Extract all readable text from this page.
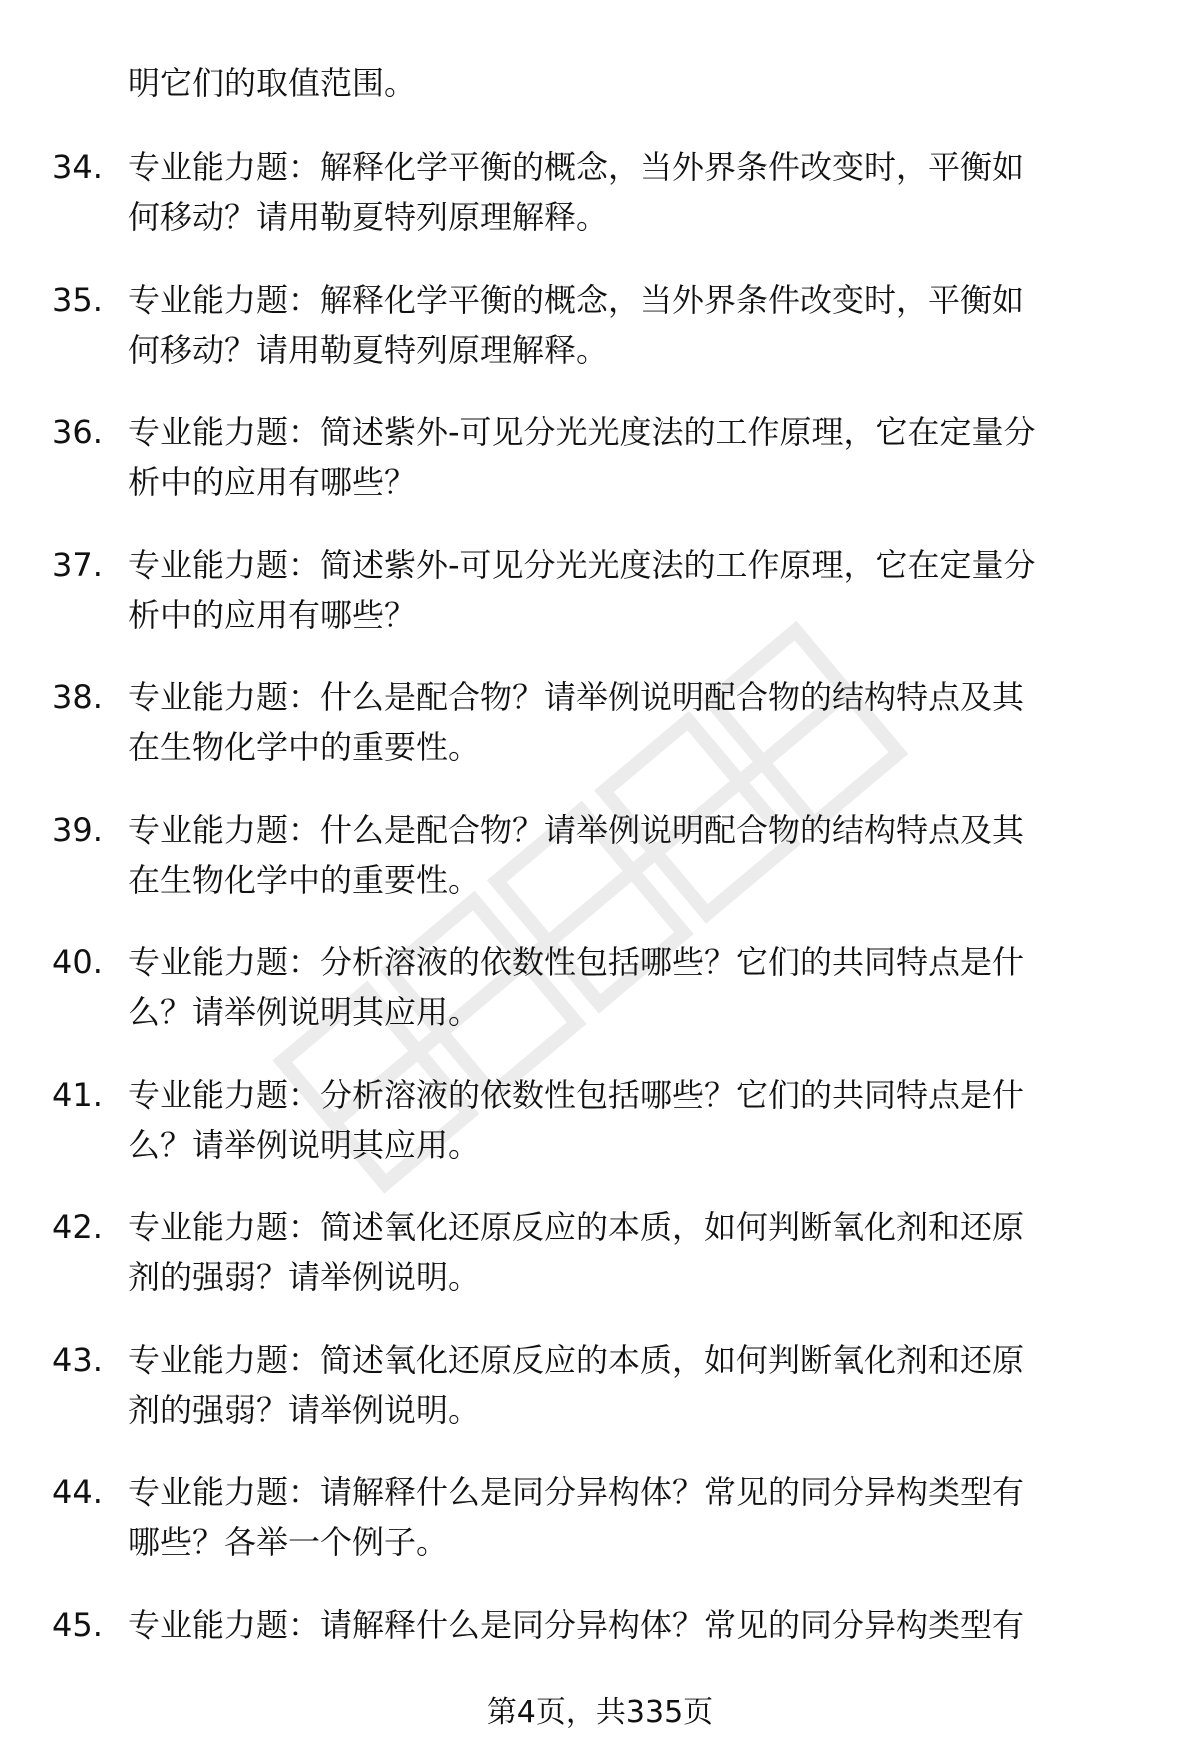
明它们的取值范围。
34. 专业能力题：解释化学平衡的概念，当外界条件改变时，平衡如
何移动？请用勒夏特列原理解释。
35. 专业能力题：解释化学平衡的概念，当外界条件改变时，平衡如
何移动？请用勒夏特列原理解释。
36. 专业能力题：简述紫外-可见分光光度法的工作原理，它在定量分
析中的应用有哪些？
37. 专业能力题：简述紫外-可见分光光度法的工作原理，它在定量分
析中的应用有哪些？
38. 专业能力题：什么是配合物？请举例说明配合物的结构特点及其
在生物化学中的重要性。
39. 专业能力题：什么是配合物？请举例说明配合物的结构特点及其
在生物化学中的重要性。
40. 专业能力题：分析溶液的依数性包括哪些？它们的共同特点是什
么？请举例说明其应用。
41. 专业能力题：分析溶液的依数性包括哪些？它们的共同特点是什
么？请举例说明其应用。
42. 专业能力题：简述氧化还原反应的本质，如何判断氧化剂和还原
剂的强弱？请举例说明。
43. 专业能力题：简述氧化还原反应的本质，如何判断氧化剂和还原
剂的强弱？请举例说明。
44. 专业能力题：请解释什么是同分异构体？常见的同分异构类型有
哪些？各举一个例子。
45. 专业能力题：请解释什么是同分异构体？常见的同分异构类型有
第4页，共335页
